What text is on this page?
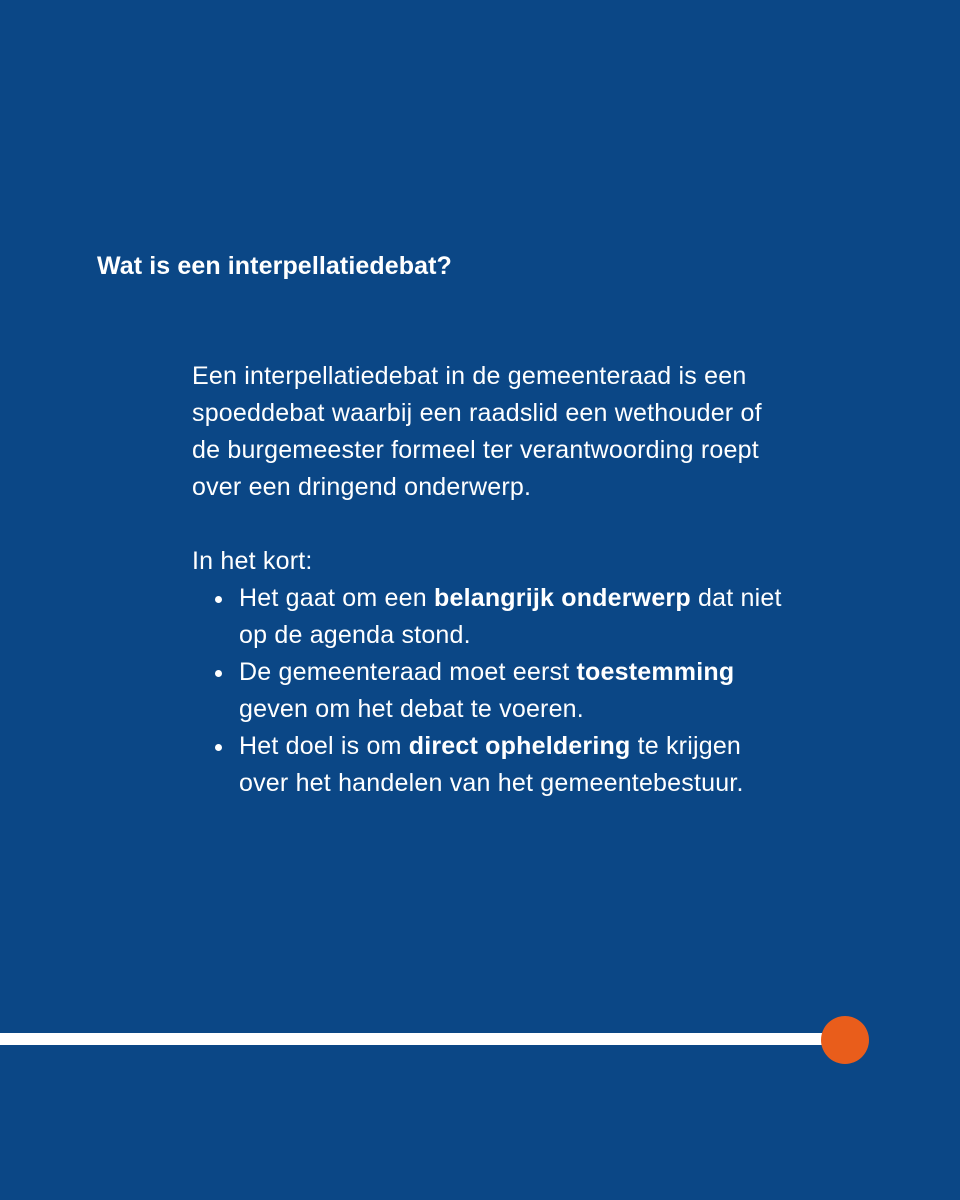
Wat is een interpellatiedebat?

Een interpellatiedebat in de gemeenteraad is een
spoeddebat waarbij een raadslid een wethouder of
de burgemeester formeel ter verantwoording roept
over een dringend onderwerp.

In het kort:

Het gaat om een belangrijk onderwerp dat niet
op de agenda stond.
De gemeenteraad moet eerst toestemming
geven om het debat te voeren.
Het doel is om direct opheldering te krijgen
over het handelen van het gemeentebestuur.
